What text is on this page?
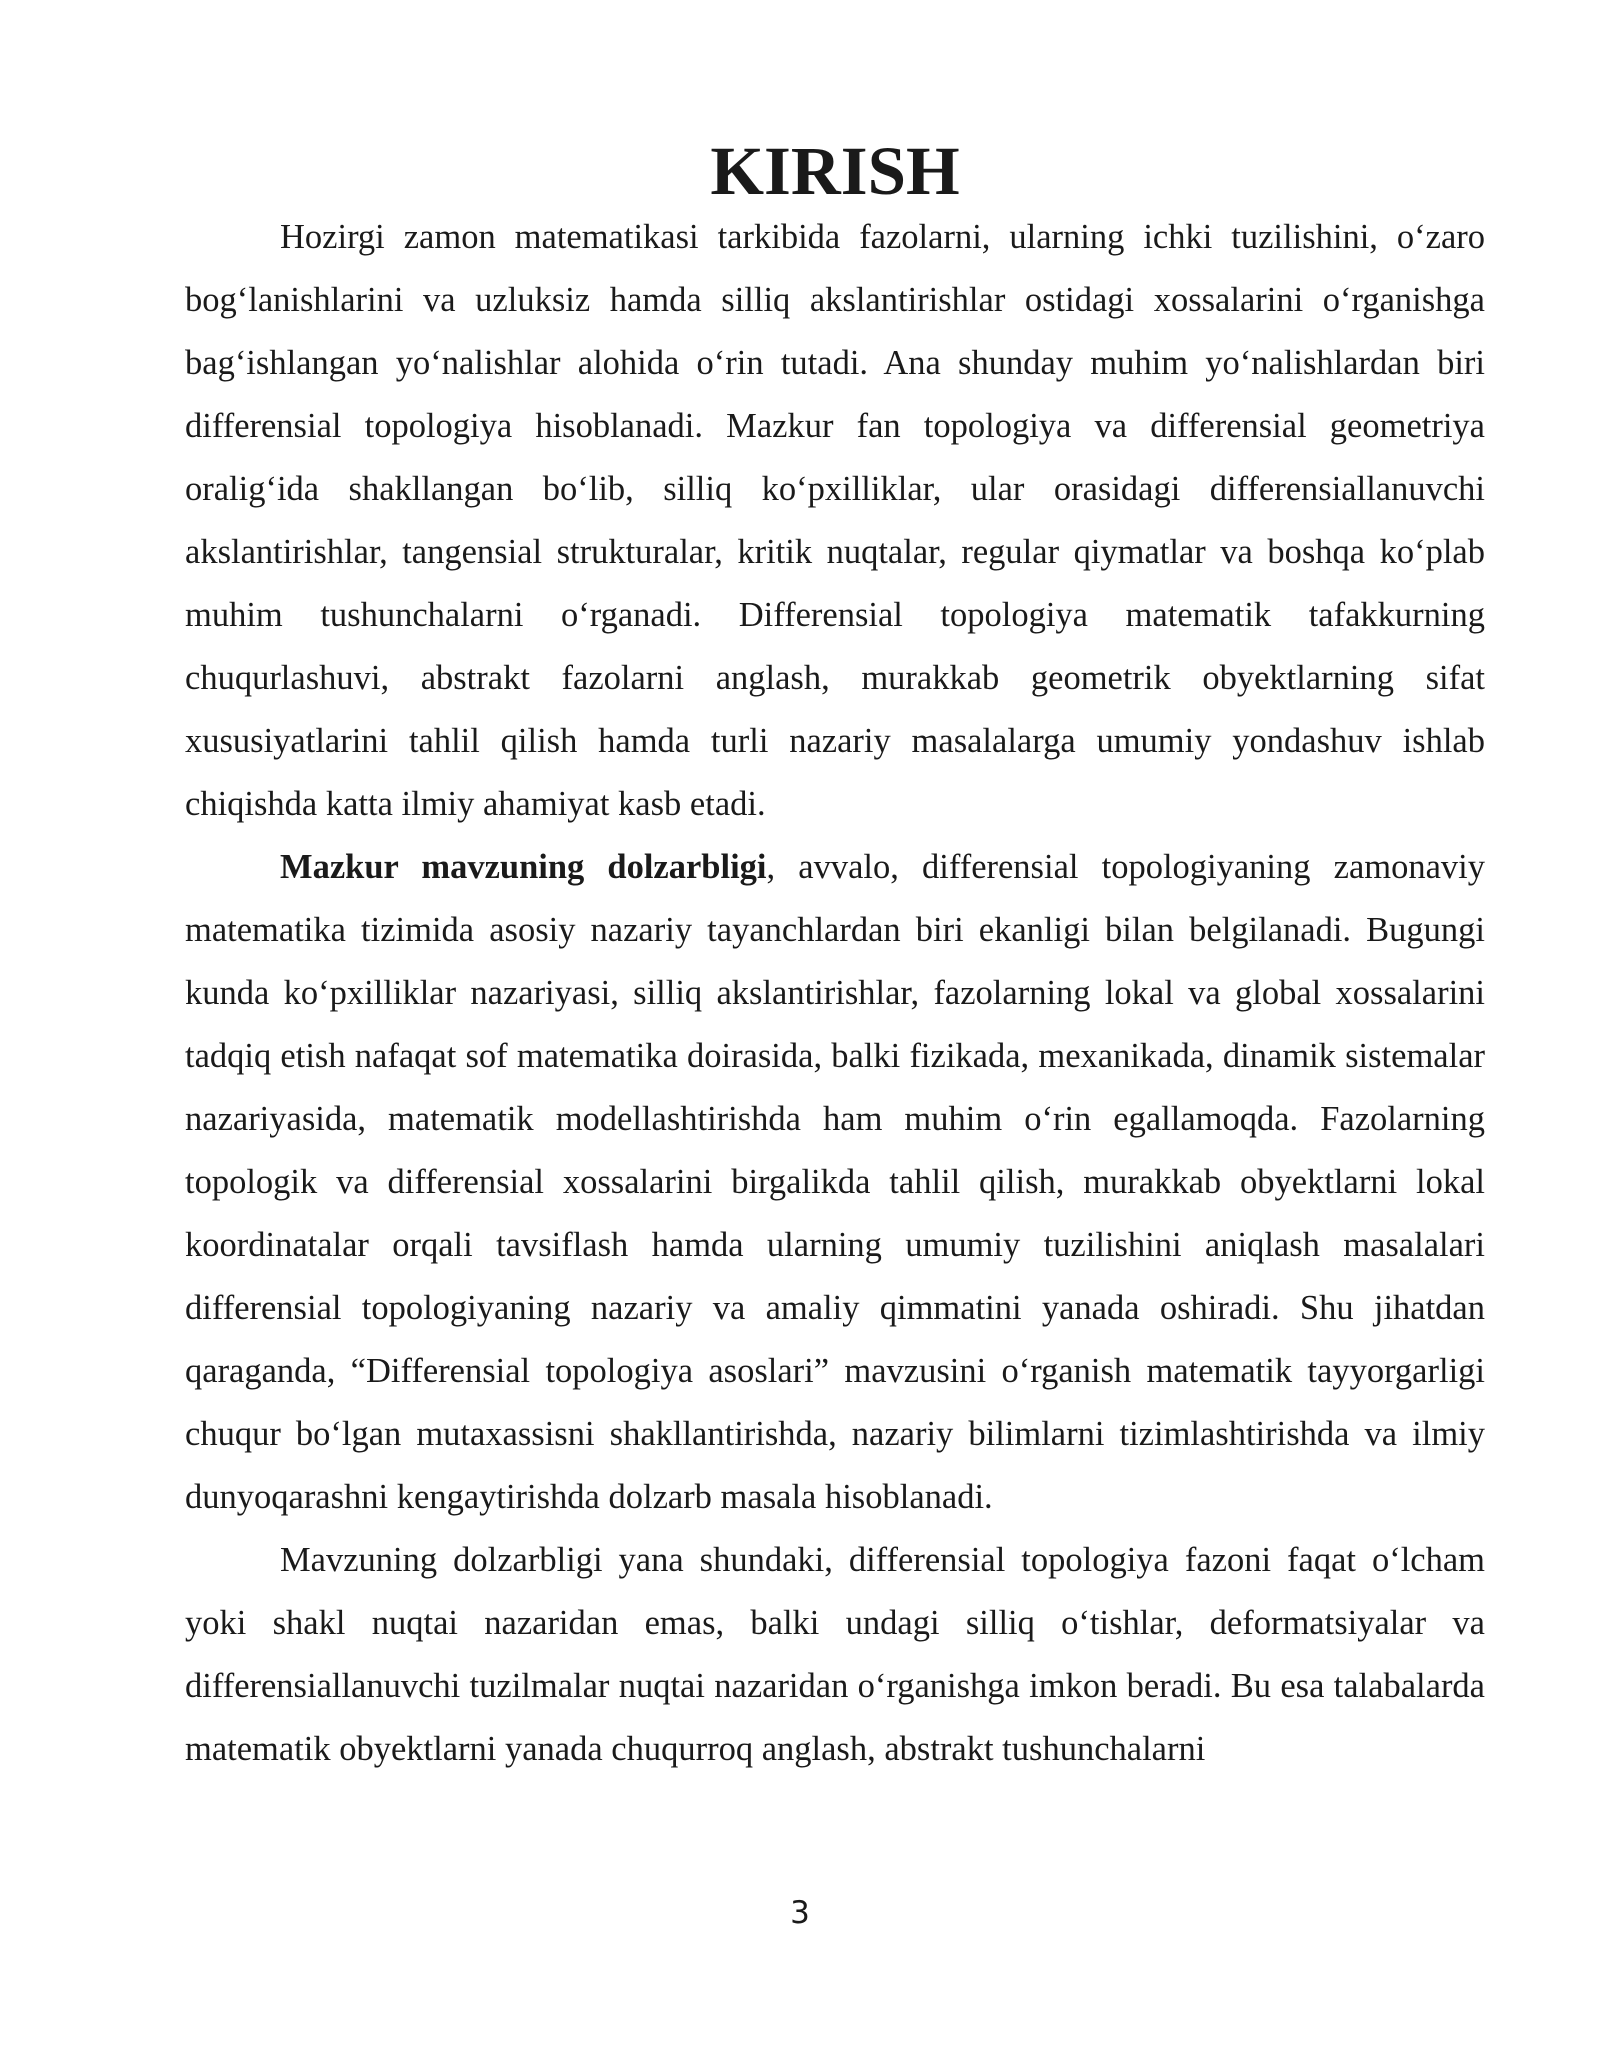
KIRISH

Hozirgi zamon matematikasi tarkibida fazolarni, ularning ichki tuzilishini, o‘zaro bog‘lanishlarini va uzluksiz hamda silliq akslantirishlar ostidagi xossalarini o‘rganishga bag‘ishlangan yo‘nalishlar alohida o‘rin tutadi. Ana shunday muhim yo‘nalishlardan biri differensial topologiya hisoblanadi. Mazkur fan topologiya va differensial geometriya oralig‘ida shakllangan bo‘lib, silliq ko‘pxilliklar, ular orasidagi differensiallanuvchi akslantirishlar, tangensial strukturalar, kritik nuqtalar, regular qiymatlar va boshqa ko‘plab muhim tushunchalarni o‘rganadi. Differensial topologiya matematik tafakkurning chuqurlashuvi, abstrakt fazolarni anglash, murakkab geometrik obyektlarning sifat xususiyatlarini tahlil qilish hamda turli nazariy masalalarga umumiy yondashuv ishlab chiqishda katta ilmiy ahamiyat kasb etadi.

Mazkur mavzuning dolzarbligi, avvalo, differensial topologiyaning zamonaviy matematika tizimida asosiy nazariy tayanchlardan biri ekanligi bilan belgilanadi. Bugungi kunda ko‘pxilliklar nazariyasi, silliq akslantirishlar, fazolarning lokal va global xossalarini tadqiq etish nafaqat sof matematika doirasida, balki fizikada, mexanikada, dinamik sistemalar nazariyasida, matematik modellashtirishda ham muhim o‘rin egallamoqda. Fazolarning topologik va differensial xossalarini birgalikda tahlil qilish, murakkab obyektlarni lokal koordinatalar orqali tavsiflash hamda ularning umumiy tuzilishini aniqlash masalalari differensial topologiyaning nazariy va amaliy qimmatini yanada oshiradi. Shu jihatdan qaraganda, “Differensial topologiya asoslari” mavzusini o‘rganish matematik tayyorgarligi chuqur bo‘lgan mutaxassisni shakllantirishda, nazariy bilimlarni tizimlashtirishda va ilmiy dunyoqarashni kengaytirishda dolzarb masala hisoblanadi.

Mavzuning dolzarbligi yana shundaki, differensial topologiya fazoni faqat o‘lcham yoki shakl nuqtai nazaridan emas, balki undagi silliq o‘tishlar, deformatsiyalar va differensiallanuvchi tuzilmalar nuqtai nazaridan o‘rganishga imkon beradi. Bu esa talabalarda matematik obyektlarni yanada chuqurroq anglash, abstrakt tushunchalarni

3
